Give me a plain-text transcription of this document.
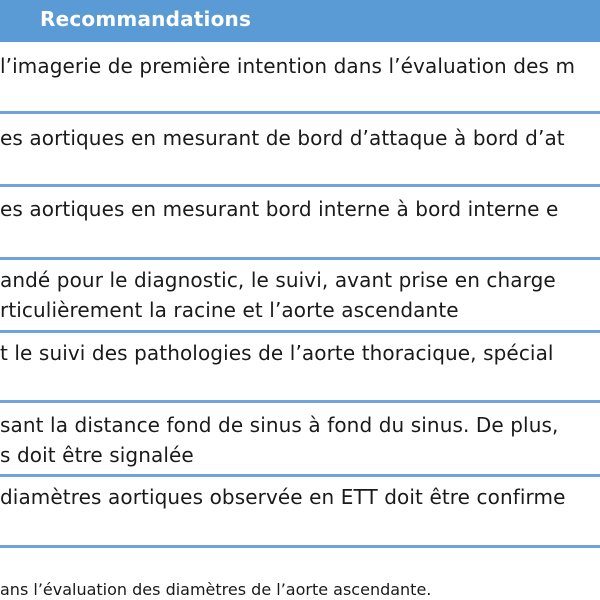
Recommandations
l’imagerie de première intention dans l’évaluation des m
es aortiques en mesurant de bord d’attaque à bord d’at
es aortiques en mesurant bord interne à bord interne e
andé pour le diagnostic, le suivi, avant prise en charge
rticulièrement la racine et l’aorte ascendante
t le suivi des pathologies de l’aorte thoracique, spécial
sant la distance fond de sinus à fond du sinus. De plus,
s doit être signalée
diamètres aortiques observée en ETT doit être confirme
ans l’évaluation des diamètres de l’aorte ascendante.
